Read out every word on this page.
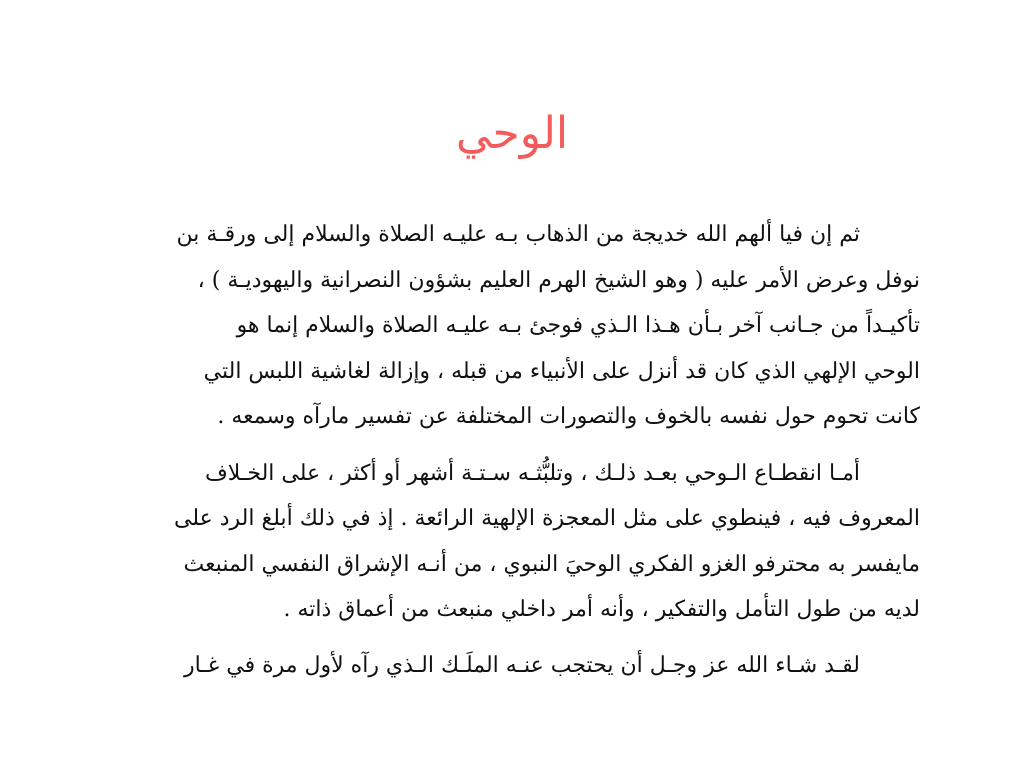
الوحي

ثم إن فيا ألهم الله خديجة من الذهاب بـه عليـه الصلاة والسلام إلى ورقـة بن
نوفل وعرض الأمر عليه ( وهو الشيخ الهرم العليم بشؤون النصرانية واليهوديـة ) ،
تأكيـداً من جـانب آخر بـأن هـذا الـذي فوجئ بـه عليـه الصلاة والسلام إنما هو
الوحي الإلهي الذي كان قد أنزل على الأنبياء من قبله ، وإزالة لغاشية اللبس التي
كانت تحوم حول نفسه بالخوف والتصورات المختلفة عن تفسير مارآه وسمعه .

أمـا انقطـاع الـوحي بعـد ذلـك ، وتلبُّثـه سـتـة أشهر أو أكثر ، على الخـلاف
المعروف فيه ، فينطوي على مثل المعجزة الإلهية الرائعة . إذ في ذلك أبلغ الرد على
مايفسر به محترفو الغزو الفكري الوحيَ النبوي ، من أنـه الإشراق النفسي المنبعث
لديه من طول التأمل والتفكير ، وأنه أمر داخلي منبعث من أعماق ذاته .

لقـد شـاء الله عز وجـل أن يحتجب عنـه الملَـك الـذي رآه لأول مرة في غـار
